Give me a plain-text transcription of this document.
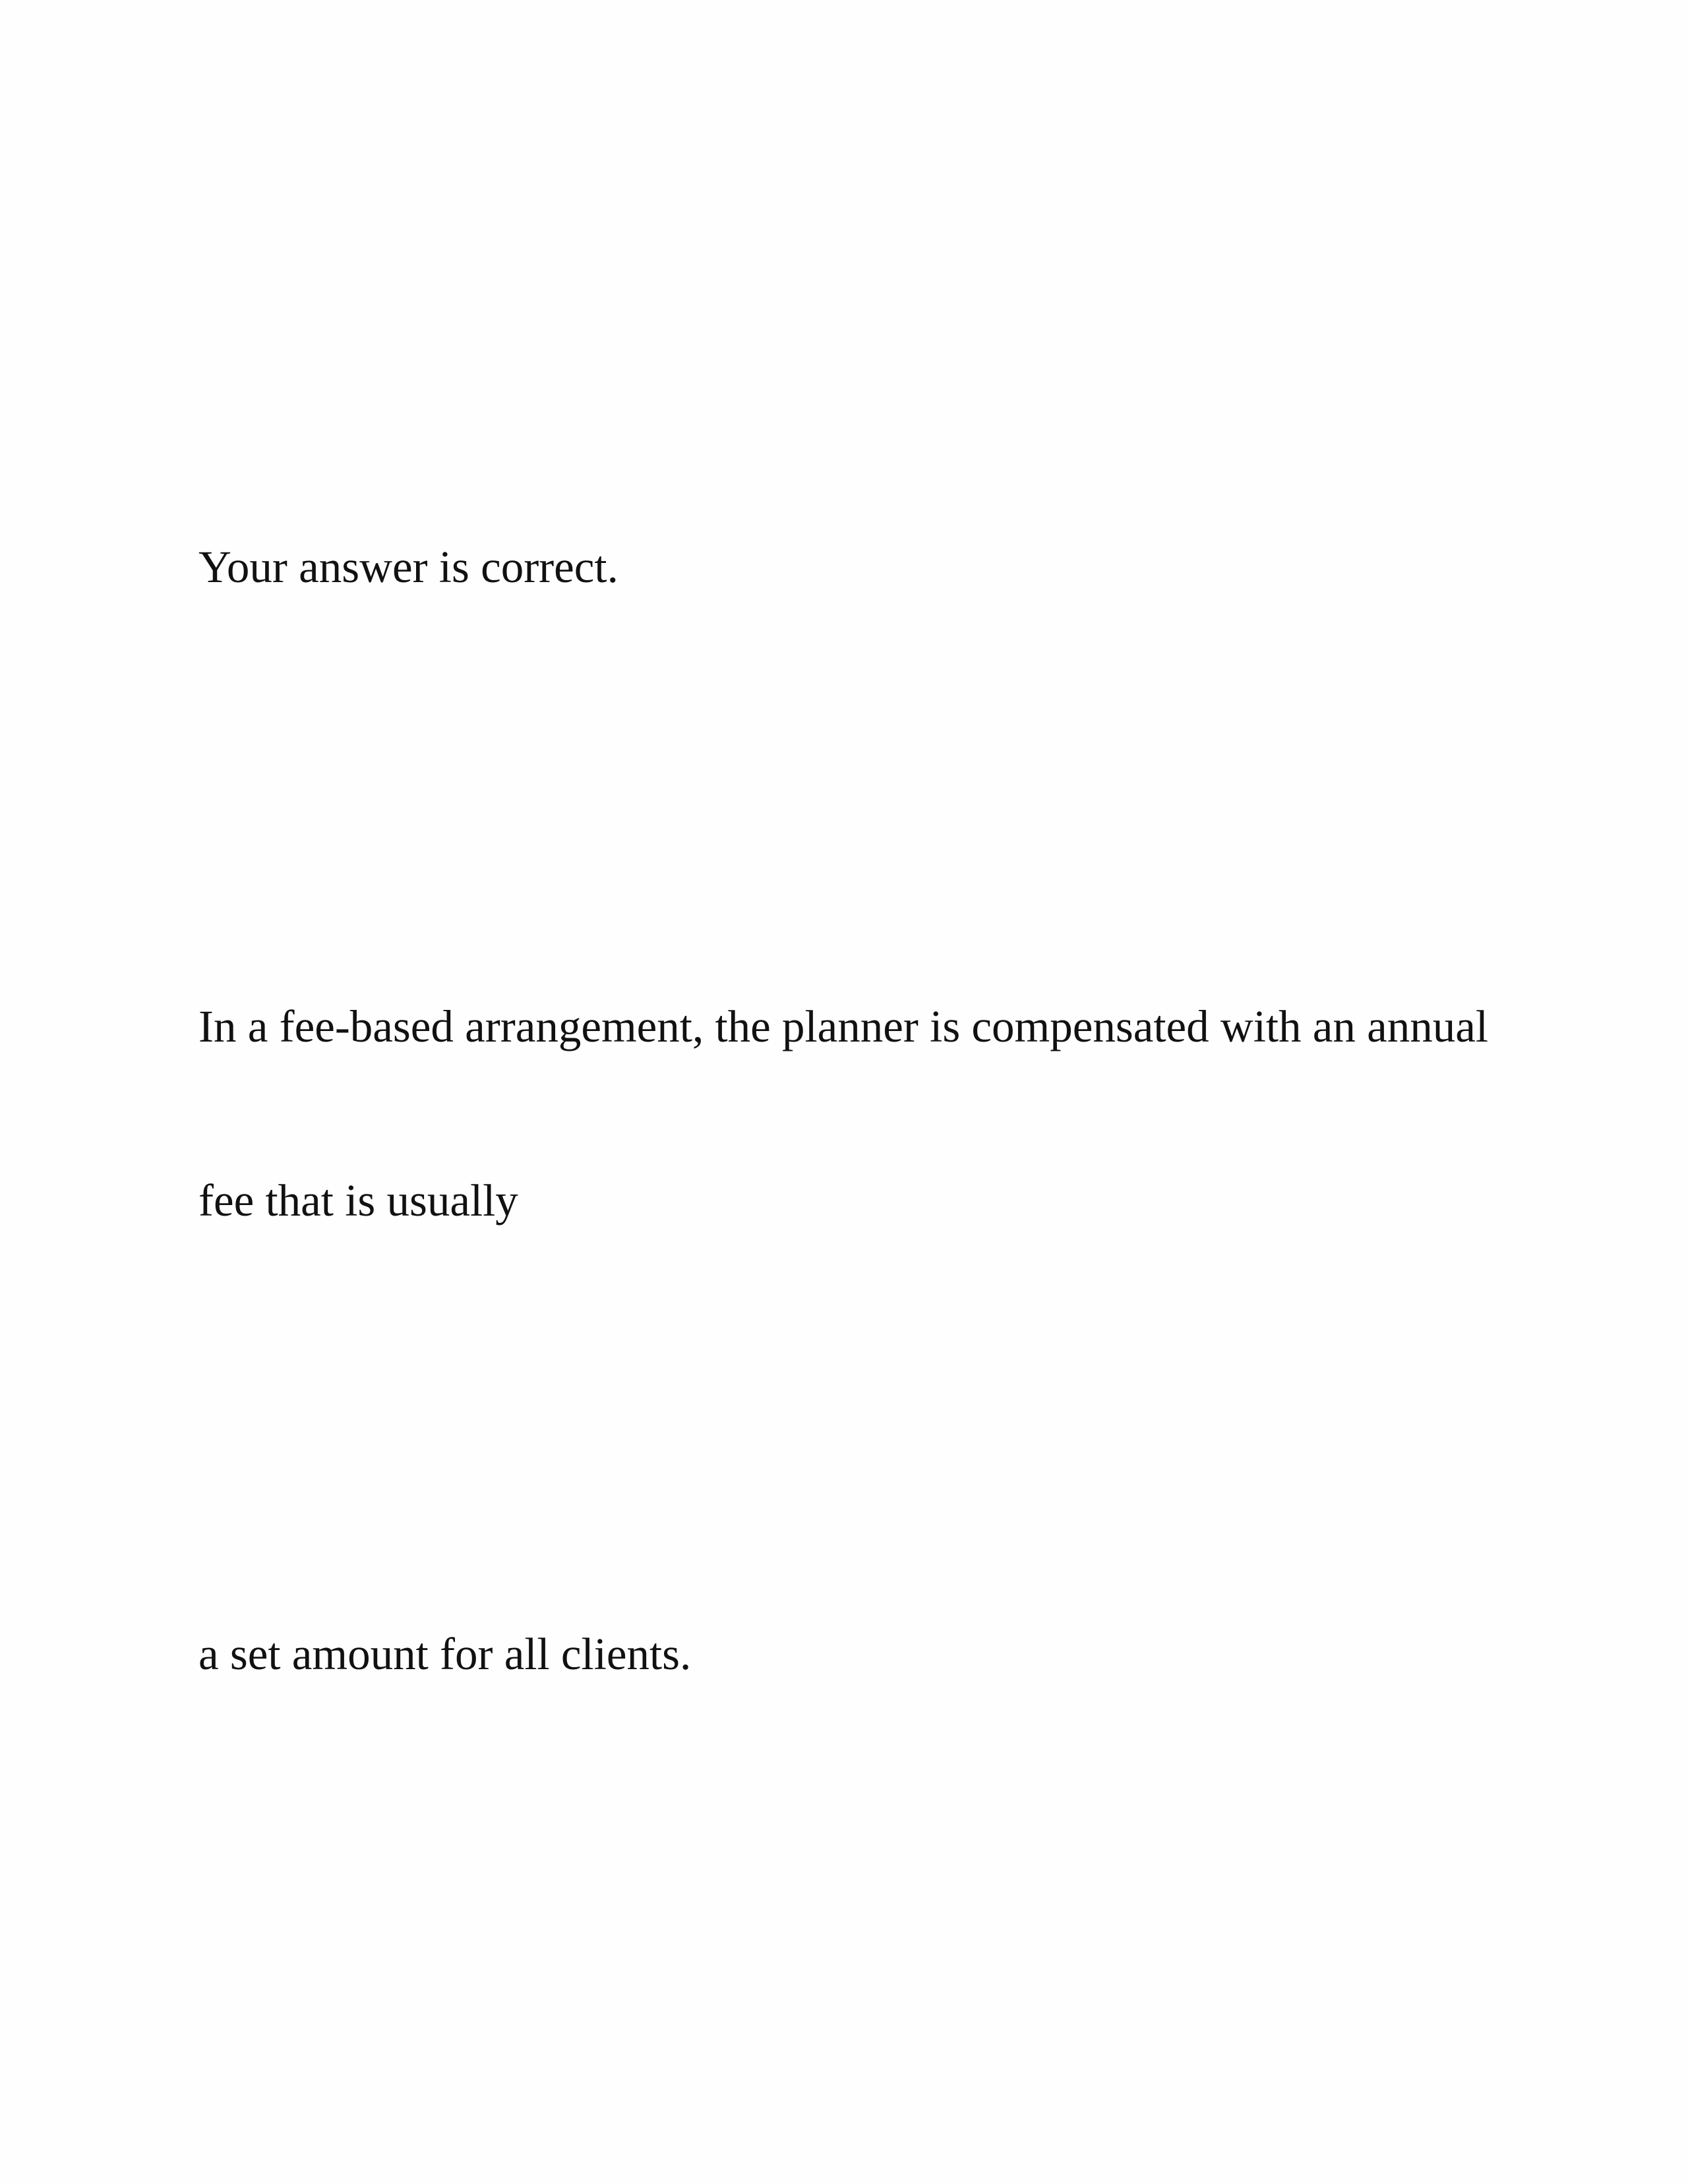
Your answer is correct.

In a fee-based arrangement, the planner is compensated with an annual

fee that is usually

a set amount for all clients.
